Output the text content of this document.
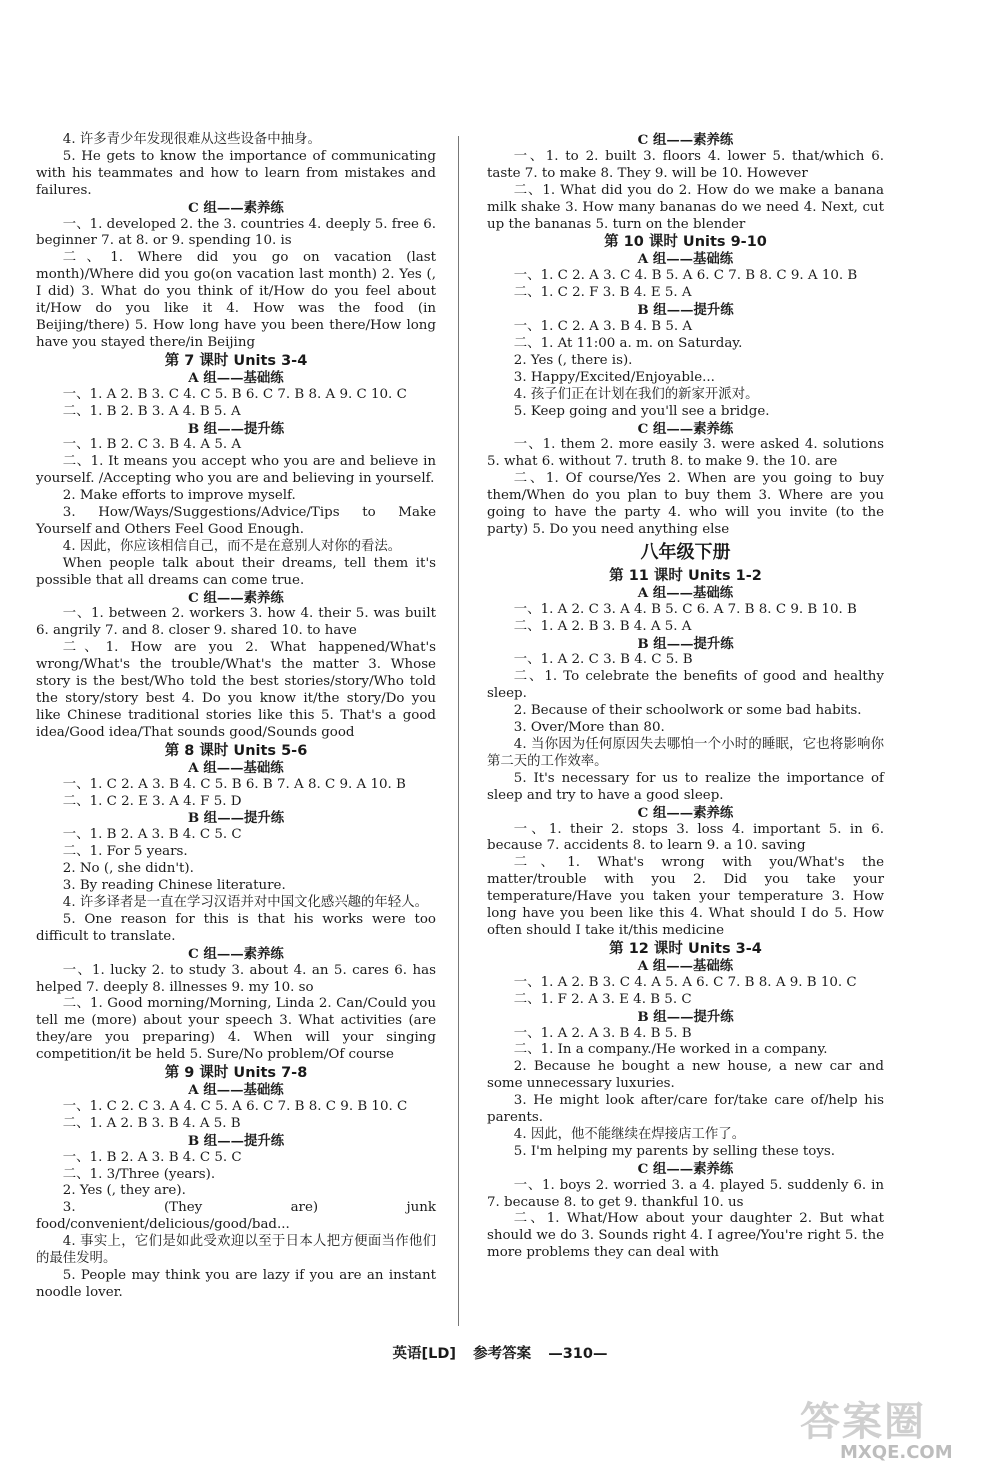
4. 许多青少年发现很难从这些设备中抽身。

5. He gets to know the importance of communicating with his teammates and how to learn from mistakes and failures.

C 组——素养练

一、1. developed 2. the 3. countries 4. deeply 5. free 6. beginner 7. at 8. or 9. spending 10. is

二、1. Where did you go on vacation (last month)/Where did you go(on vacation last month) 2. Yes (, I did) 3. What do you think of it/How do you feel about it/How do you like it 4. How was the food (in Beijing/there) 5. How long have you been there/How long have you stayed there/in Beijing

第 7 课时 Units 3-4

A 组——基础练

一、1. A 2. B 3. C 4. C 5. B 6. C 7. B 8. A 9. C 10. C

二、1. B 2. B 3. A 4. B 5. A

B 组——提升练

一、1. B 2. C 3. B 4. A 5. A

二、1. It means you accept who you are and believe in yourself. /Accepting who you are and believing in yourself.

2. Make efforts to improve myself.

3. How/Ways/Suggestions/Advice/Tips to Make Yourself and Others Feel Good Enough.

4. 因此，你应该相信自己，而不是在意别人对你的看法。

When people talk about their dreams, tell them it's possible that all dreams can come true.

C 组——素养练

一、1. between 2. workers 3. how 4. their 5. was built 6. angrily 7. and 8. closer 9. shared 10. to have

二、1. How are you 2. What happened/What's wrong/What's the trouble/What's the matter 3. Whose story is the best/Who told the best stories/story/Who told the story/story best 4. Do you know it/the story/Do you like Chinese traditional stories like this 5. That's a good idea/Good idea/That sounds good/Sounds good

第 8 课时 Units 5-6

A 组——基础练

一、1. C 2. A 3. B 4. C 5. B 6. B 7. A 8. C 9. A 10. B

二、1. C 2. E 3. A 4. F 5. D

B 组——提升练

一、1. B 2. A 3. B 4. C 5. C

二、1. For 5 years.

2. No (, she didn't).

3. By reading Chinese literature.

4. 许多译者是一直在学习汉语并对中国文化感兴趣的年轻人。

5. One reason for this is that his works were too difficult to translate.

C 组——素养练

一、1. lucky 2. to study 3. about 4. an 5. cares 6. has helped 7. deeply 8. illnesses 9. my 10. so

二、1. Good morning/Morning, Linda 2. Can/Could you tell me (more) about your speech 3. What activities (are they/are you preparing) 4. When will your singing competition/it be held 5. Sure/No problem/Of course

第 9 课时 Units 7-8

A 组——基础练

一、1. C 2. C 3. A 4. C 5. A 6. C 7. B 8. C 9. B 10. C

二、1. A 2. B 3. B 4. A 5. B

B 组——提升练

一、1. B 2. A 3. B 4. C 5. C

二、1. 3/Three (years).

2. Yes (, they are).

3. (They are) junk food/convenient/delicious/good/bad...

4. 事实上，它们是如此受欢迎以至于日本人把方便面当作他们的最佳发明。

5. People may think you are lazy if you are an instant noodle lover.

C 组——素养练

一、1. to 2. built 3. floors 4. lower 5. that/which 6. taste 7. to make 8. They 9. will be 10. However

二、1. What did you do 2. How do we make a banana milk shake 3. How many bananas do we need 4. Next, cut up the bananas 5. turn on the blender

第 10 课时 Units 9-10

A 组——基础练

一、1. C 2. A 3. C 4. B 5. A 6. C 7. B 8. C 9. A 10. B

二、1. C 2. F 3. B 4. E 5. A

B 组——提升练

一、1. C 2. A 3. B 4. B 5. A

二、1. At 11:00 a. m. on Saturday.

2. Yes (, there is).

3. Happy/Excited/Enjoyable...

4. 孩子们正在计划在我们的新家开派对。

5. Keep going and you'll see a bridge.

C 组——素养练

一、1. them 2. more easily 3. were asked 4. solutions 5. what 6. without 7. truth 8. to make 9. the 10. are

二、1. Of course/Yes 2. When are you going to buy them/When do you plan to buy them 3. Where are you going to have the party 4. who will you invite (to the party) 5. Do you need anything else

八年级下册

第 11 课时 Units 1-2

A 组——基础练

一、1. A 2. C 3. A 4. B 5. C 6. A 7. B 8. C 9. B 10. B

二、1. A 2. B 3. B 4. A 5. A

B 组——提升练

一、1. A 2. C 3. B 4. C 5. B

二、1. To celebrate the benefits of good and healthy sleep.

2. Because of their schoolwork or some bad habits.

3. Over/More than 80.

4. 当你因为任何原因失去哪怕一个小时的睡眠，它也将影响你第二天的工作效率。

5. It's necessary for us to realize the importance of sleep and try to have a good sleep.

C 组——素养练

一、1. their 2. stops 3. loss 4. important 5. in 6. because 7. accidents 8. to learn 9. a 10. saving

二、1. What's wrong with you/What's the matter/trouble with you 2. Did you take your temperature/Have you taken your temperature 3. How long have you been like this 4. What should I do 5. How often should I take it/this medicine

第 12 课时 Units 3-4

A 组——基础练

一、1. A 2. B 3. C 4. A 5. A 6. C 7. B 8. A 9. B 10. C

二、1. F 2. A 3. E 4. B 5. C

B 组——提升练

一、1. A 2. A 3. B 4. B 5. B

二、1. In a company./He worked in a company.

2. Because he bought a new house, a new car and some unnecessary luxuries.

3. He might look after/care for/take care of/help his parents.

4. 因此，他不能继续在焊接店工作了。

5. I'm helping my parents by selling these toys.

C 组——素养练

一、1. boys 2. worried 3. a 4. played 5. suddenly 6. in 7. because 8. to get 9. thankful 10. us

二、1. What/How about your daughter 2. But what should we do 3. Sounds right 4. I agree/You're right 5. the more problems they can deal with

英语[LD] 参考答案 —310—
答案圈
MXQE.COM
